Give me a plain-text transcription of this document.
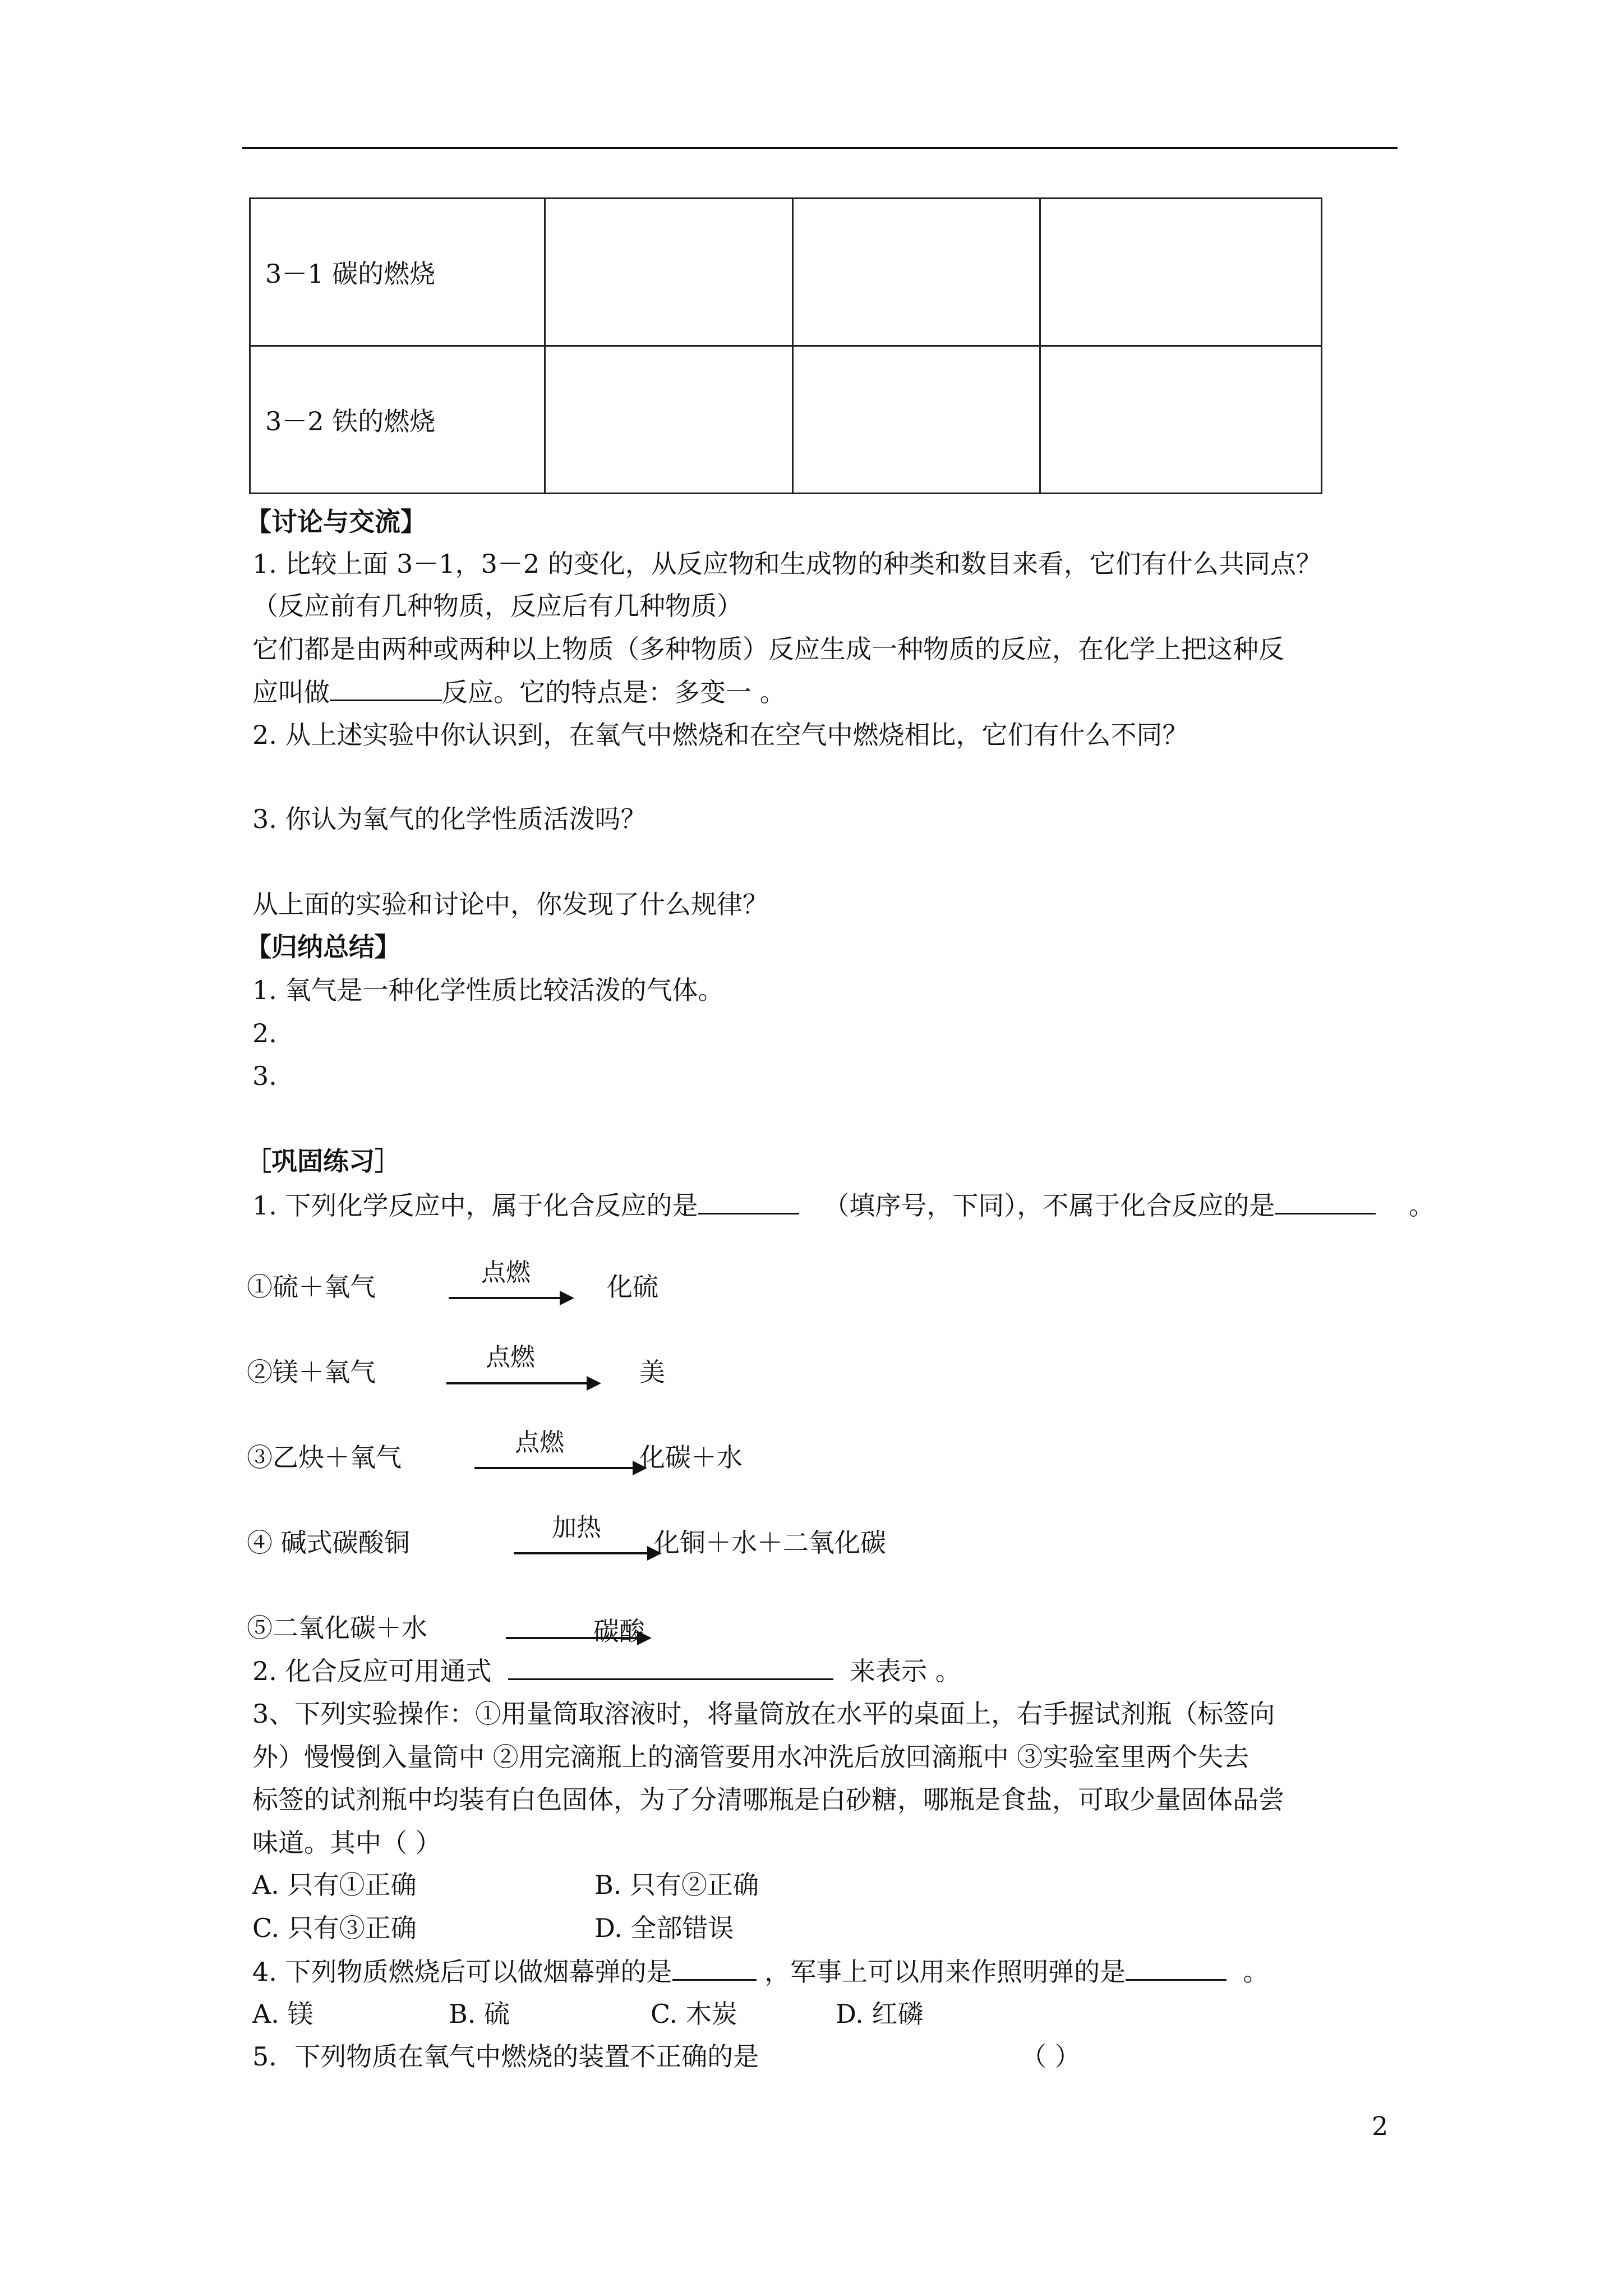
3－1 碳的燃烧			
3－2 铁的燃烧			
【讨论与交流】
1. 比较上面 3－1，3－2 的变化，从反应物和生成物的种类和数目来看，它们有什么共同点？
（反应前有几种物质，反应后有几种物质）
它们都是由两种或两种以上物质（多种物质）反应生成一种物质的反应，在化学上把这种反
应叫做	反应。它的特点是：多变一 。
2. 从上述实验中你认识到，在氧气中燃烧和在空气中燃烧相比，它们有什么不同？
3. 你认为氧气的化学性质活泼吗？
从上面的实验和讨论中，你发现了什么规律？
【归纳总结】
1. 氧气是一种化学性质比较活泼的气体。
2.
3.
［巩固练习］
1. 下列化学反应中，属于化合反应的是	（填序号，下同），不属于化合反应的是	。
①硫＋氧气	点燃	化硫
②镁＋氧气	点燃	美
③乙炔＋氧气	点燃	化碳＋水
④ 碱式碳酸铜	加热 化铜＋水＋二氧化碳
⑤二氧化碳＋水	碳酸
2. 化合反应可用通式	来表示 。
3、下列实验操作：①用量筒取溶液时，将量筒放在水平的桌面上，右手握试剂瓶（标签向
外）慢慢倒入量筒中 ②用完滴瓶上的滴管要用水冲洗后放回滴瓶中 ③实验室里两个失去
标签的试剂瓶中均装有白色固体，为了分清哪瓶是白砂糖，哪瓶是食盐，可取少量固体品尝
味道。其中（ ）
A. 只有①正确	B. 只有②正确
C. 只有③正确	D. 全部错误
4. 下列物质燃烧后可以做烟幕弹的是	，军事上可以用来作照明弹的是	。
A. 镁	B. 硫	C. 木炭	D. 红磷
5．下列物质在氧气中燃烧的装置不正确的是	（ ）
2
